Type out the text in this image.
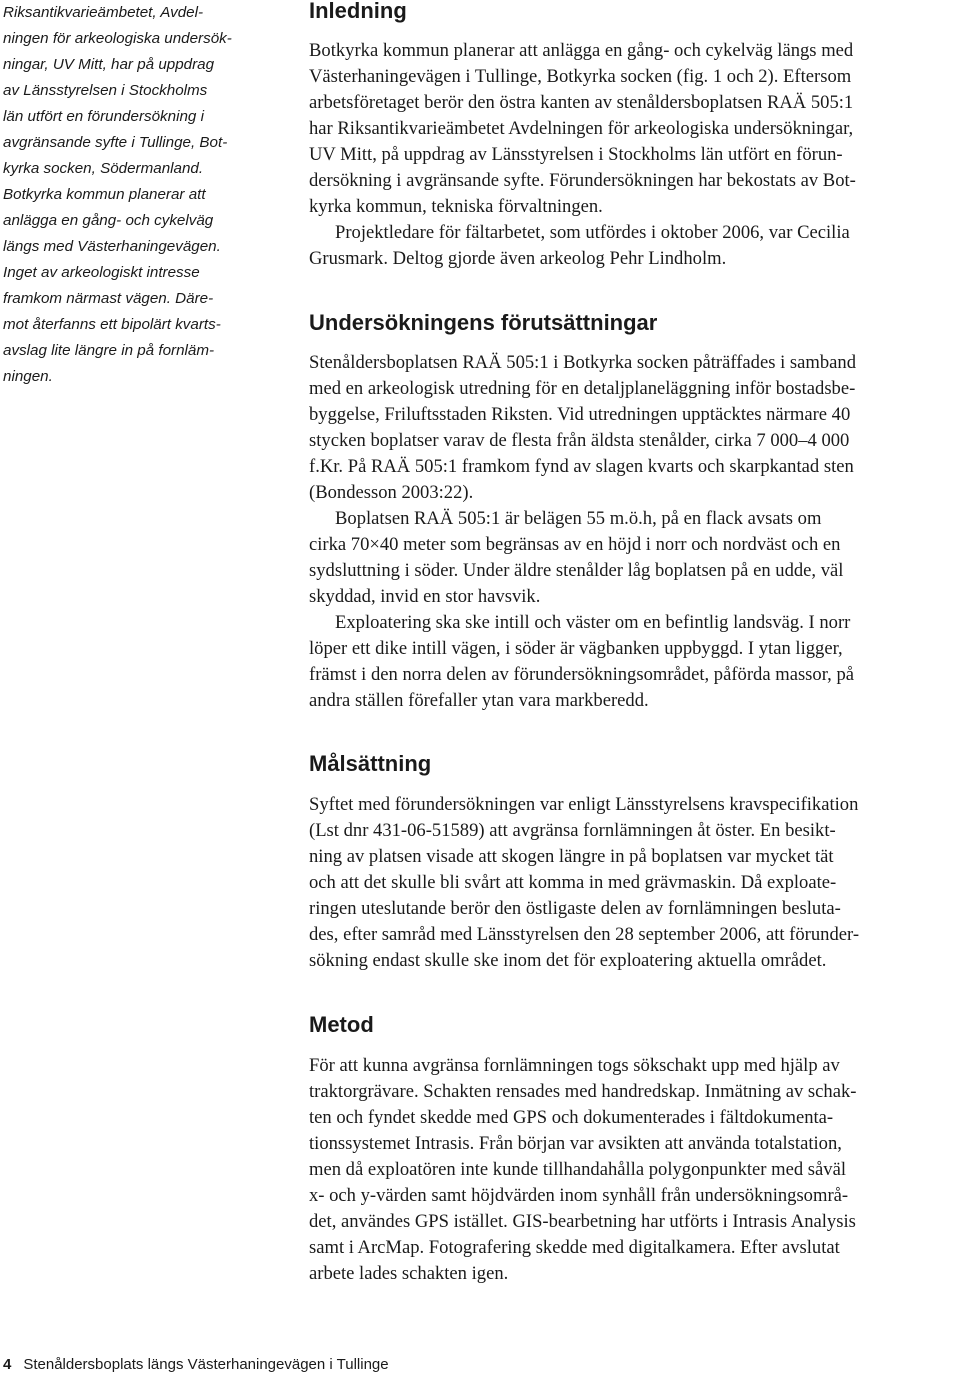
Riksantikvarieämbetet, Avdel-
ningen för arkeologiska undersök-
ningar, UV Mitt, har på uppdrag
av Länsstyrelsen i Stockholms
län utfört en förundersökning i
avgränsande syfte i Tullinge, Bot-
kyrka socken, Södermanland.
Botkyrka kommun planerar att
anlägga en gång- och cykelväg
längs med Västerhaningevägen.
Inget av arkeologiskt intresse
framkom närmast vägen. Däre-
mot återfanns ett bipolärt kvarts-
avslag lite längre in på fornläm-
ningen.
Inledning
Botkyrka kommun planerar att anlägga en gång- och cykelväg längs med
Västerhaningevägen i Tullinge, Botkyrka socken (fig. 1 och 2). Eftersom
arbetsföretaget berör den östra kanten av stenåldersboplatsen RAÄ 505:1
har Riksantikvarieämbetet Avdelningen för arkeologiska undersökningar,
UV Mitt, på uppdrag av Länsstyrelsen i Stockholms län utfört en förun-
dersökning i avgränsande syfte. Förundersökningen har bekostats av Bot-
kyrka kommun, tekniska förvaltningen.
Projektledare för fältarbetet, som utfördes i oktober 2006, var Cecilia
Grusmark. Deltog gjorde även arkeolog Pehr Lindholm.
Undersökningens förutsättningar
Stenåldersboplatsen RAÄ 505:1 i Botkyrka socken påträffades i samband
med en arkeologisk utredning för en detaljplaneläggning inför bostadsbe-
byggelse, Friluftsstaden Riksten. Vid utredningen upptäcktes närmare 40
stycken boplatser varav de flesta från äldsta stenålder, cirka 7 000–4 000
f.Kr. På RAÄ 505:1 framkom fynd av slagen kvarts och skarpkantad sten
(Bondesson 2003:22).
Boplatsen RAÄ 505:1 är belägen 55 m.ö.h, på en flack avsats om
cirka 70×40 meter som begränsas av en höjd i norr och nordväst och en
sydsluttning i söder. Under äldre stenålder låg boplatsen på en udde, väl
skyddad, invid en stor havsvik.
Exploatering ska ske intill och väster om en befintlig landsväg. I norr
löper ett dike intill vägen, i söder är vägbanken uppbyggd. I ytan ligger,
främst i den norra delen av förundersökningsområdet, påförda massor, på
andra ställen förefaller ytan vara markberedd.
Målsättning
Syftet med förundersökningen var enligt Länsstyrelsens kravspecifikation
(Lst dnr 431-06-51589) att avgränsa fornlämningen åt öster. En besikt-
ning av platsen visade att skogen längre in på boplatsen var mycket tät
och att det skulle bli svårt att komma in med grävmaskin. Då exploate-
ringen uteslutande berör den östligaste delen av fornlämningen besluta-
des, efter samråd med Länsstyrelsen den 28 september 2006, att förunder-
sökning endast skulle ske inom det för exploatering aktuella området.
Metod
För att kunna avgränsa fornlämningen togs sökschakt upp med hjälp av
traktorgrävare. Schakten rensades med handredskap. Inmätning av schak-
ten och fyndet skedde med GPS och dokumenterades i fältdokumenta-
tionssystemet Intrasis. Från början var avsikten att använda totalstation,
men då exploatören inte kunde tillhandahålla polygonpunkter med såväl
x- och y-värden samt höjdvärden inom synhåll från undersökningsområ-
det, användes GPS istället. GIS-bearbetning har utförts i Intrasis Analysis
samt i ArcMap. Fotografering skedde med digitalkamera. Efter avslutat
arbete lades schakten igen.
4 Stenåldersboplats längs Västerhaningevägen i Tullinge
